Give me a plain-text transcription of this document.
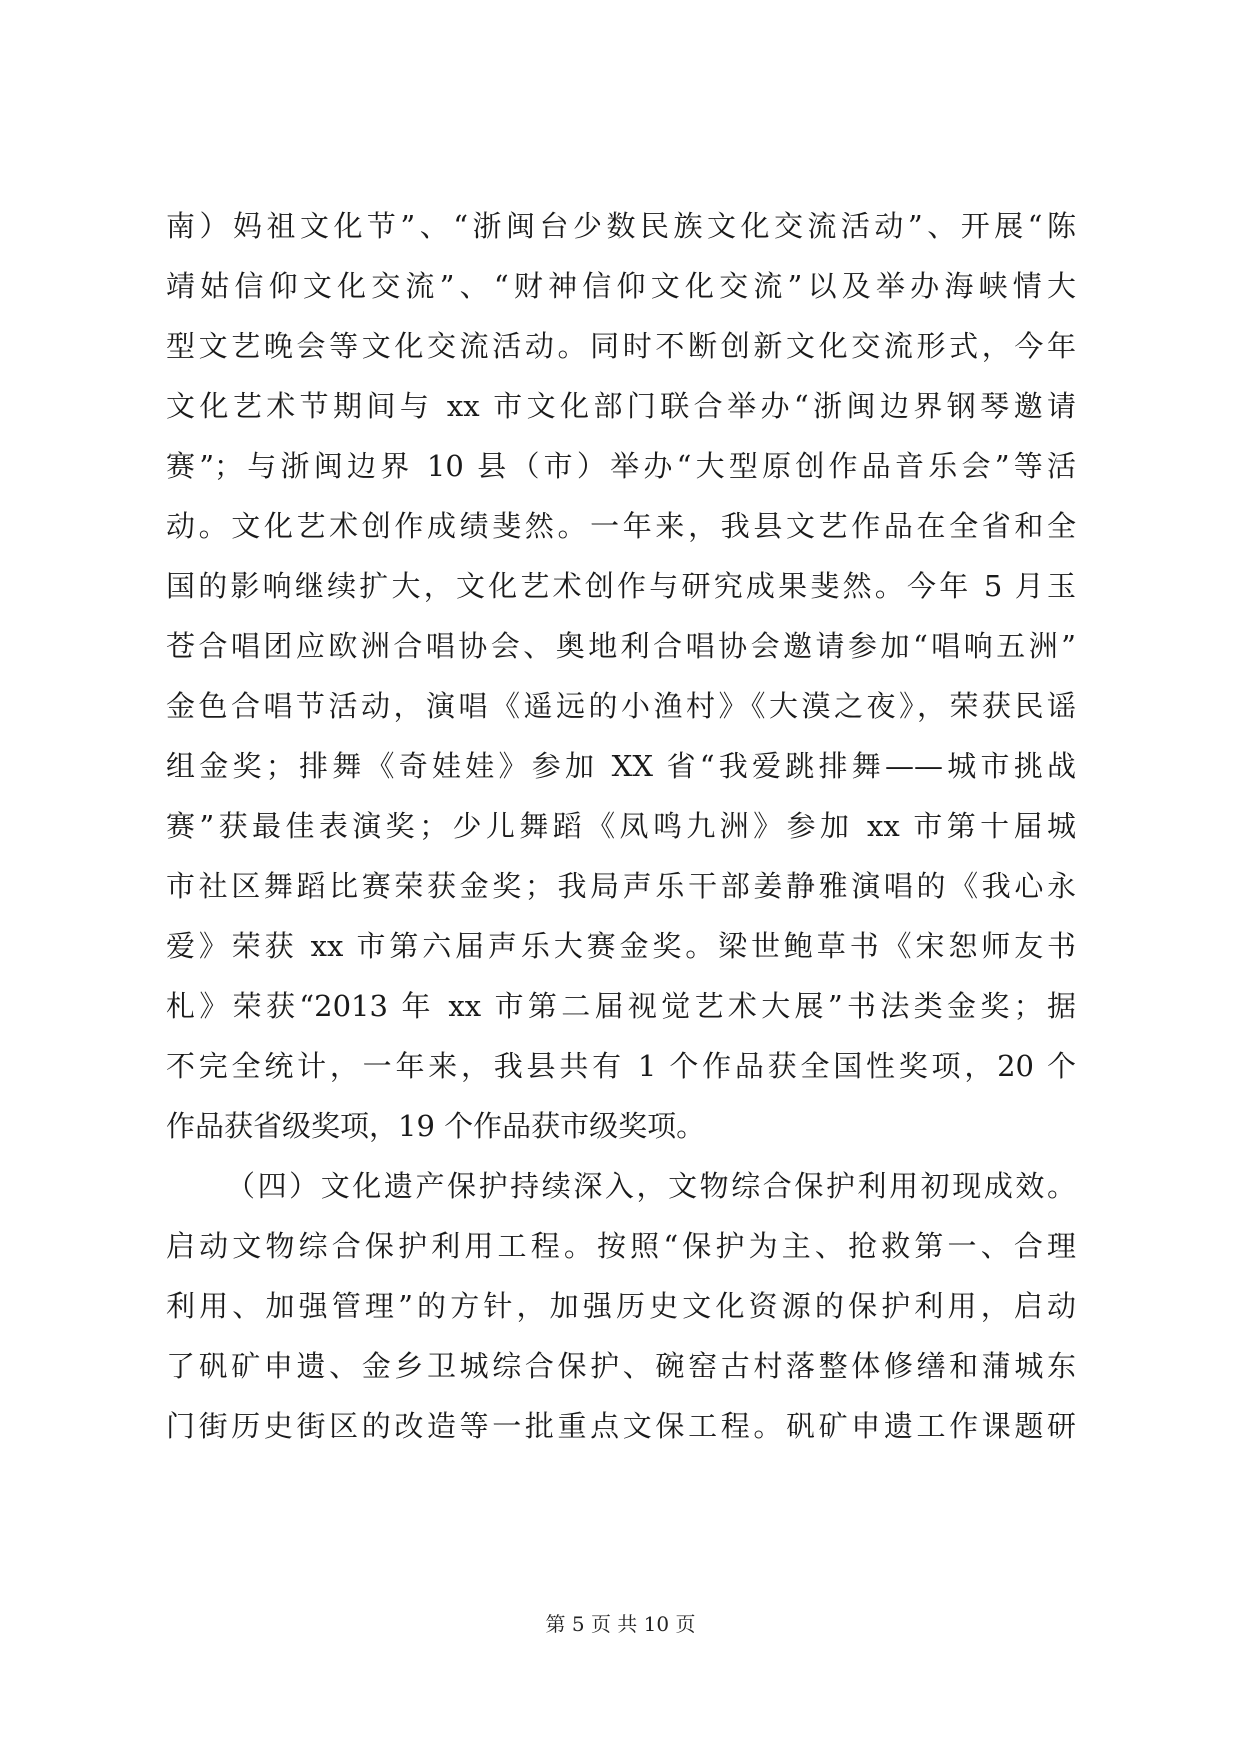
南）妈祖文化节”、“浙闽台少数民族文化交流活动”、开展“陈
靖姑信仰文化交流”、“财神信仰文化交流”以及举办海峡情大
型文艺晚会等文化交流活动。同时不断创新文化交流形式，今年
文化艺术节期间与 xx 市文化部门联合举办“浙闽边界钢琴邀请
赛”；与浙闽边界 10 县（市）举办“大型原创作品音乐会”等活
动。文化艺术创作成绩斐然。一年来，我县文艺作品在全省和全
国的影响继续扩大，文化艺术创作与研究成果斐然。今年 5 月玉
苍合唱团应欧洲合唱协会、奥地利合唱协会邀请参加“唱响五洲”
金色合唱节活动，演唱《遥远的小渔村》《大漠之夜》，荣获民谣
组金奖；排舞《奇娃娃》参加 XX 省“我爱跳排舞——城市挑战
赛”获最佳表演奖；少儿舞蹈《凤鸣九洲》参加 xx 市第十届城
市社区舞蹈比赛荣获金奖；我局声乐干部姜静雅演唱的《我心永
爱》荣获 xx 市第六届声乐大赛金奖。梁世鲍草书《宋恕师友书
札》荣获“2013 年 xx 市第二届视觉艺术大展”书法类金奖；据
不完全统计，一年来，我县共有 1 个作品获全国性奖项，20 个
作品获省级奖项，19 个作品获市级奖项。
（四）文化遗产保护持续深入，文物综合保护利用初现成效。
启动文物综合保护利用工程。按照“保护为主、抢救第一、合理
利用、加强管理”的方针，加强历史文化资源的保护利用，启动
了矾矿申遗、金乡卫城综合保护、碗窑古村落整体修缮和蒲城东
门街历史街区的改造等一批重点文保工程。矾矿申遗工作课题研
第 5 页 共 10 页
